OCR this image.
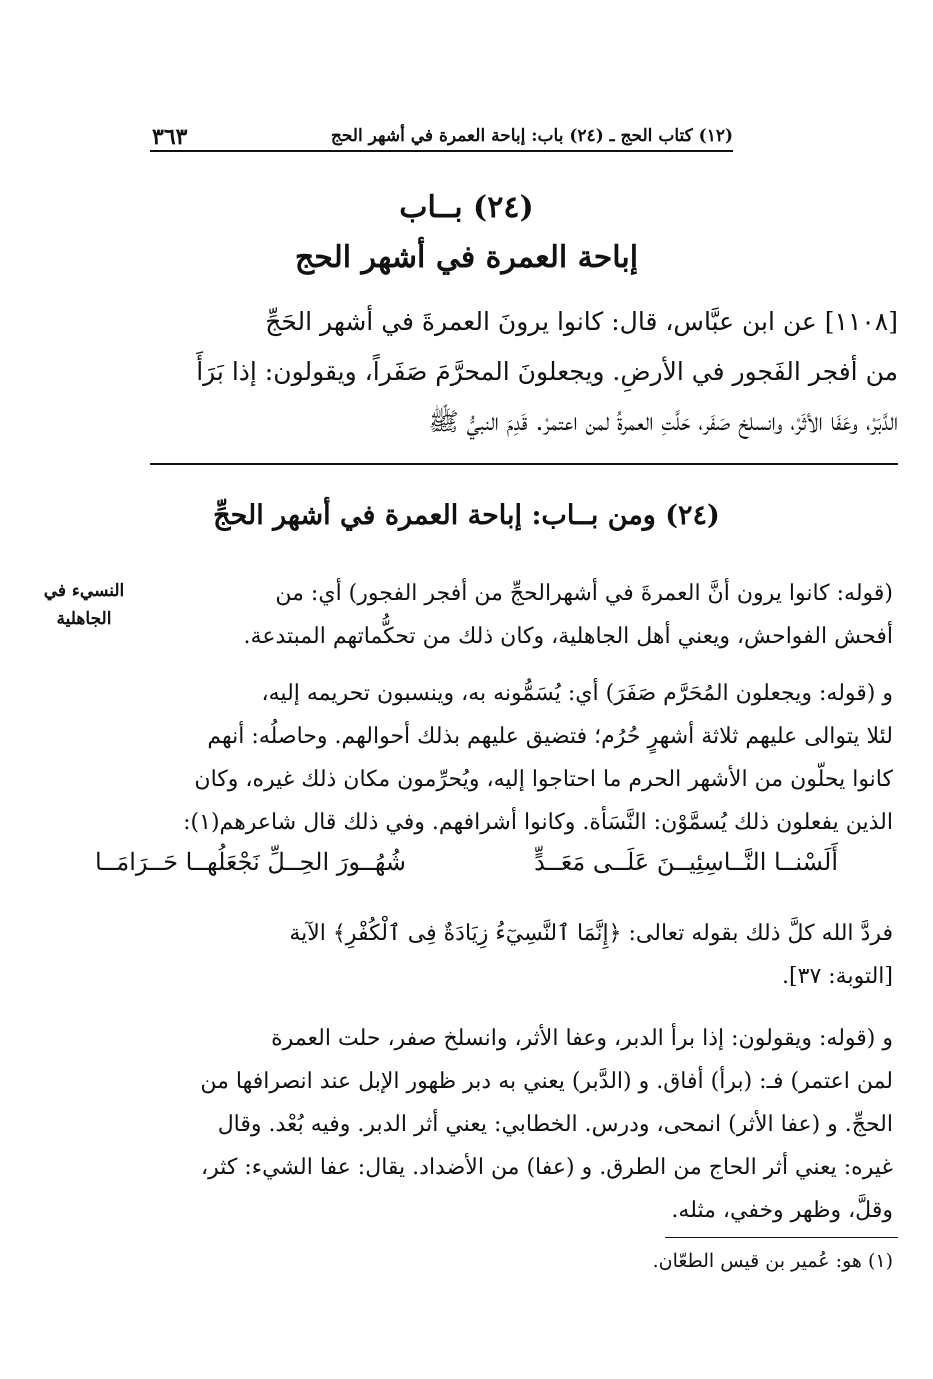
(١٢) كتاب الحج ـ (٢٤) باب: إباحة العمرة في أشهر الحج
٣٦٣
(٢٤) بــاب
إباحة العمرة في أشهر الحج

[١١٠٨] عن ابن عبَّاس، قال: كانوا يرونَ العمرةَ في أشهر الحَجِّ

من أفجر الفَجور في الأرضِ. ويجعلونَ المحرَّمَ صَفَراً، ويقولون: إذا بَرَأَ

الدَّبَرْ، وعَفَا الأثَرْ، وانسلخ صَفَر، حَلَّتِ العمرةُ لمن اعتمرْ. قَدِمَ النبيُّ ﷺ

(٢٤) ومن بــاب: إباحة العمرة في أشهر الحجِّ
النسيء في
الجاهلية

(قوله: كانوا يرون أنَّ العمرةَ في أشهرالحجِّ من أفجر الفجور) أي: من

أفحش الفواحش، ويعني أهل الجاهلية، وكان ذلك من تحكُّماتهم المبتدعة.

و (قوله: ويجعلون المُحَرَّم صَفَرَ) أي: يُسَمُّونه به، وينسبون تحريمه إليه،

لئلا يتوالى عليهم ثلاثة أشهرٍ حُرُم؛ فتضيق عليهم بذلك أحوالهم. وحاصلُه: أنهم

كانوا يحلّون من الأشهر الحرم ما احتاجوا إليه، ويُحرِّمون مكان ذلك غيره، وكان

الذين يفعلون ذلك يُسمَّوْن: النَّسَأة. وكانوا أشرافهم. وفي ذلك قال شاعرهم(١):

أَلَسْنــا النَّــاسِئِيــنَ عَلَــى مَعَــدٍّ
شُهُــورَ الحِــلِّ نَجْعَلُهــا حَــرَامَــا

فردَّ الله كلَّ ذلك بقوله تعالى: ﴿إِنَّمَا ٱلنَّسِيٓءُ زِيَادَةٌ فِى ٱلْكُفْرِ﴾ الآية

[التوبة: ٣٧].

و (قوله: ويقولون: إذا برأ الدبر، وعفا الأثر، وانسلخ صفر، حلت العمرة

لمن اعتمر) فـ: (برأ) أفاق. و (الدَّبر) يعني به دبر ظهور الإبل عند انصرافها من

الحجِّ. و (عفا الأثر) انمحى، ودرس. الخطابي: يعني أثر الدبر. وفيه بُعْد. وقال

غيره: يعني أثر الحاج من الطرق. و (عفا) من الأضداد. يقال: عفا الشيء: كثر،

وقلَّ، وظهر وخفي، مثله.

(١) هو: عُمير بن قيس الطعّان.
